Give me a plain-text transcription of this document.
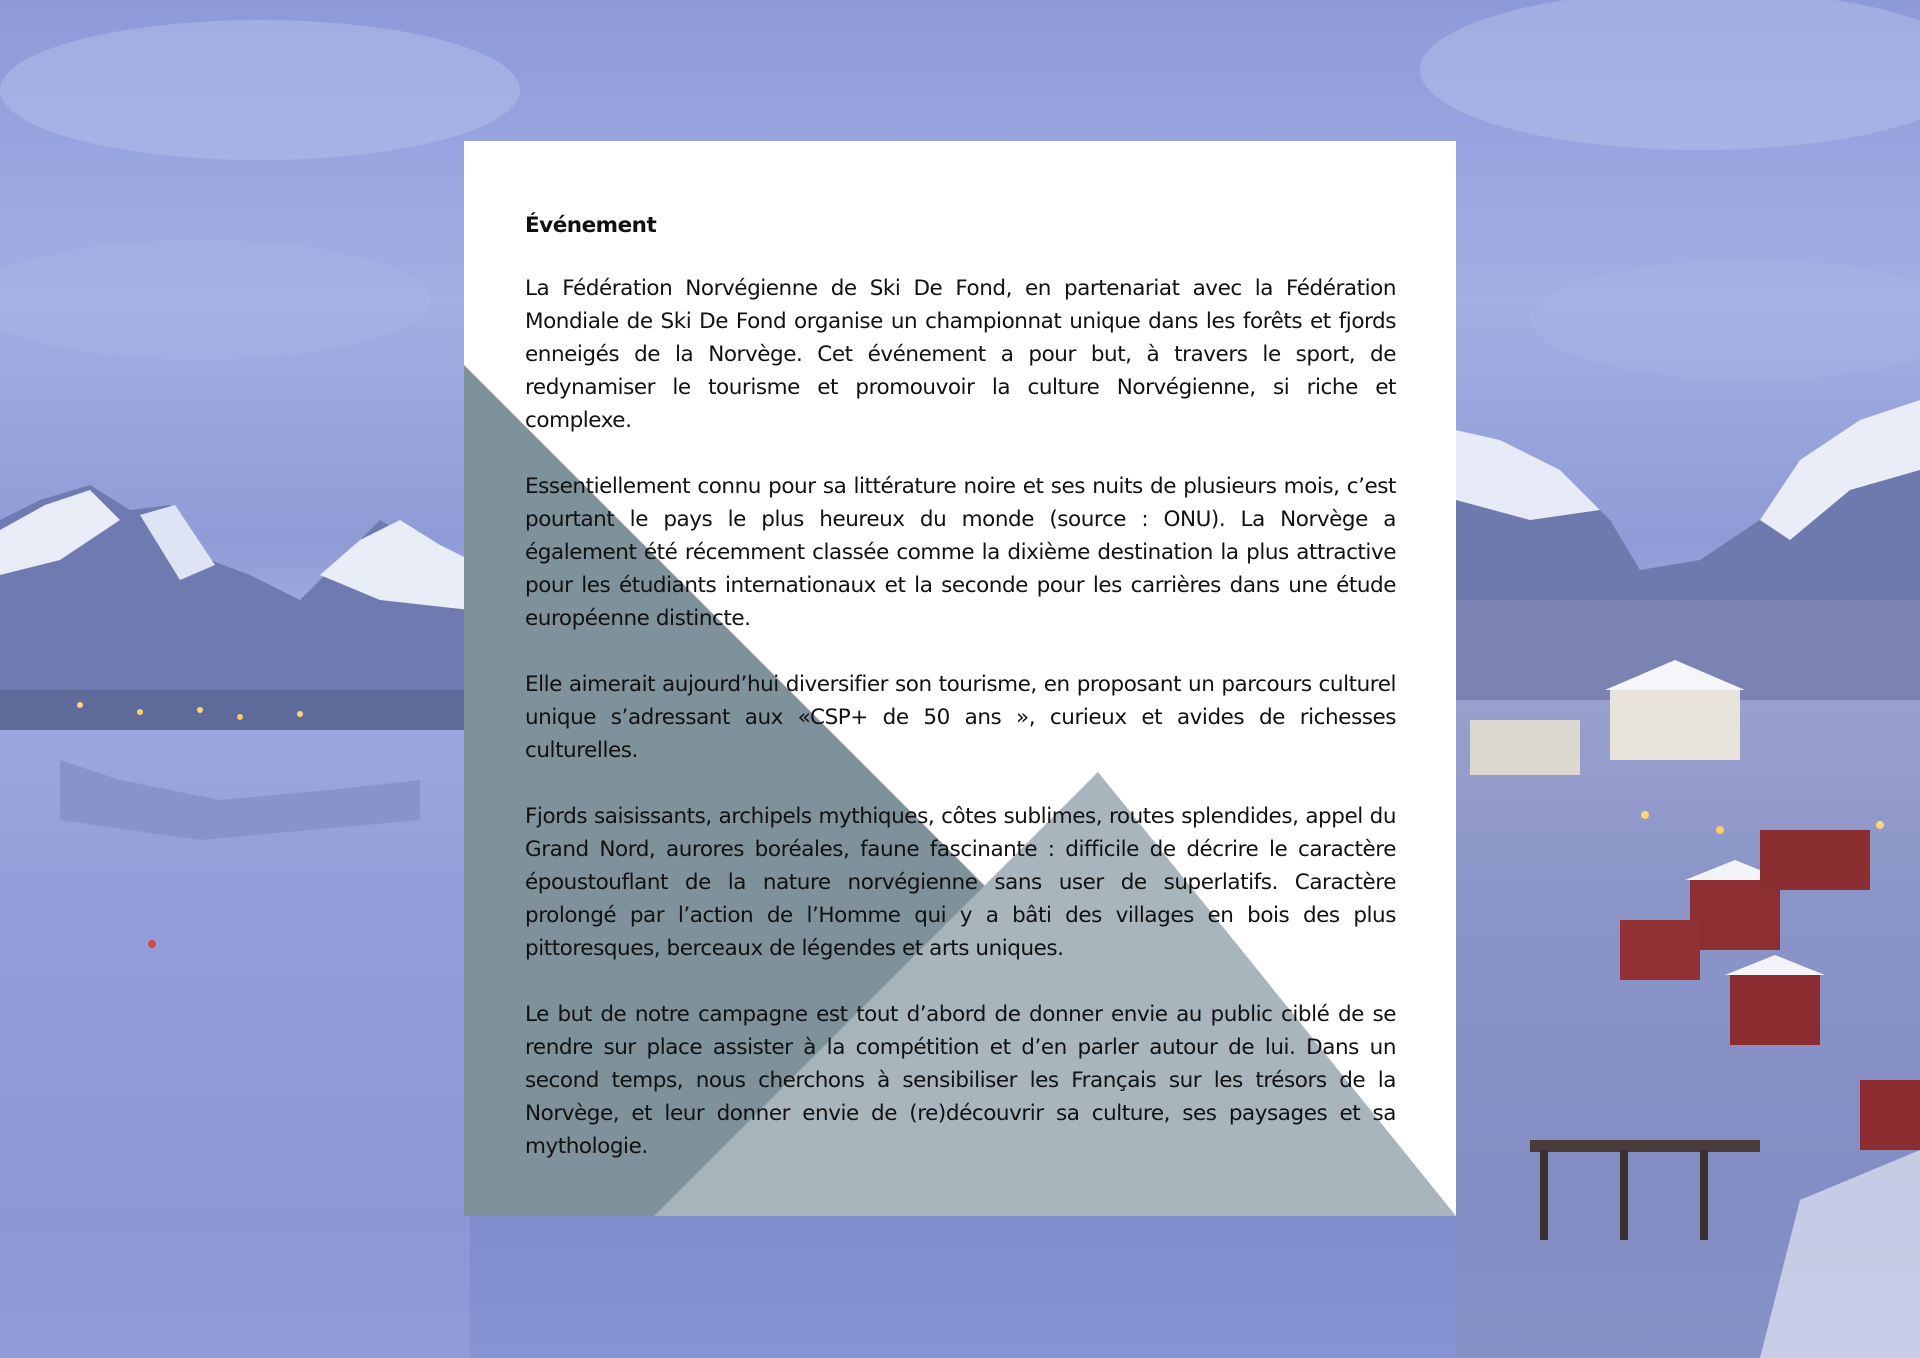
Événement

La Fédération Norvégienne de Ski De Fond, en partenariat avec la Fédération Mondiale de Ski De Fond organise un championnat unique dans les forêts et fjords enneigés de la Norvège. Cet événement a pour but, à travers le sport, de redynamiser le tourisme et promouvoir la culture Norvégienne, si riche et complexe.

Essentiellement connu pour sa littérature noire et ses nuits de plusieurs mois, c’est pourtant le pays le plus heureux du monde (source : ONU). La Norvège a également été récemment classée comme la dixième destination la plus attractive pour les étudiants internationaux et la seconde pour les carrières dans une étude européenne distincte.

Elle aimerait aujourd’hui diversifier son tourisme, en proposant un parcours culturel unique s’adressant aux «CSP+ de 50 ans », curieux et avides de richesses culturelles.

Fjords saisissants, archipels mythiques, côtes sublimes, routes splendides, appel du Grand Nord, aurores boréales, faune fascinante : difficile de décrire le caractère époustouflant de la nature norvégienne sans user de superlatifs. Caractère prolongé par l’action de l’Homme qui y a bâti des villages en bois des plus pittoresques, berceaux de légendes et arts uniques.

Le but de notre campagne est tout d’abord de donner envie au public ciblé de se rendre sur place assister à la compétition et d’en parler autour de lui. Dans un second temps, nous cherchons à sensibiliser les Français sur les trésors de la Norvège, et leur donner envie de (re)découvrir sa culture, ses paysages et sa mythologie.
